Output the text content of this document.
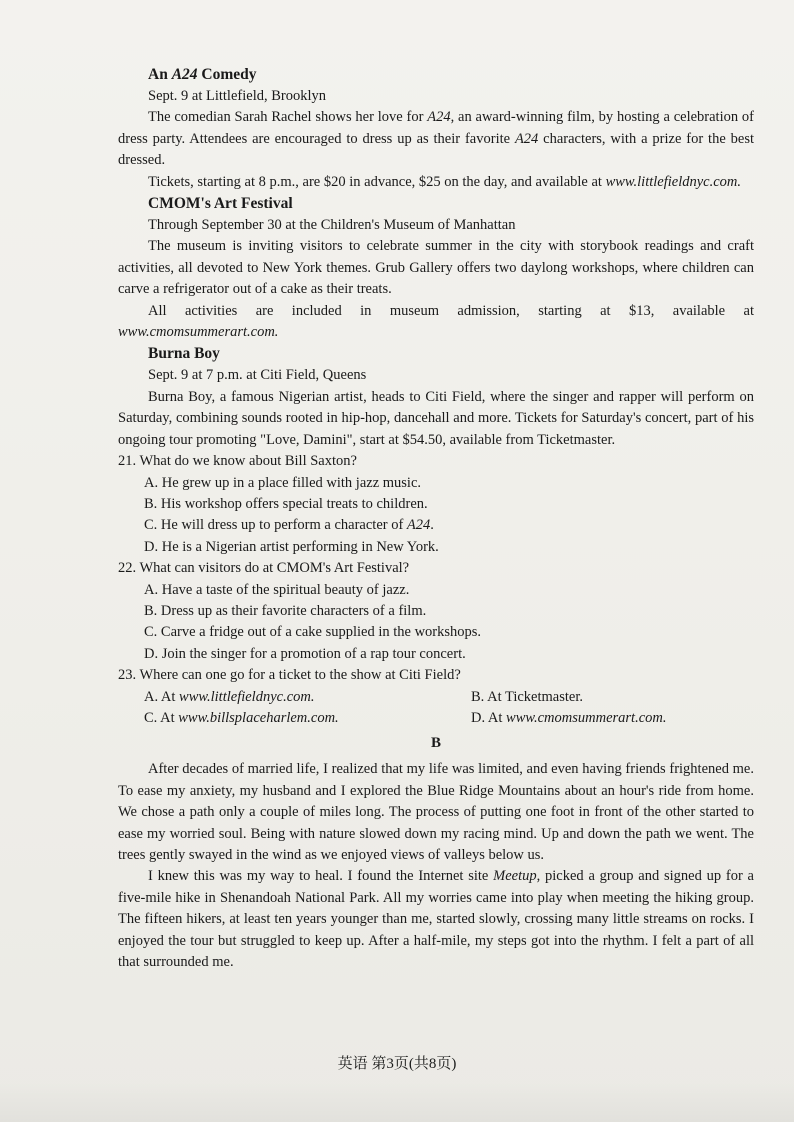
An A24 Comedy

Sept. 9 at Littlefield, Brooklyn

The comedian Sarah Rachel shows her love for A24, an award-winning film, by hosting a celebration of dress party. Attendees are encouraged to dress up as their favorite A24 characters, with a prize for the best dressed.

Tickets, starting at 8 p.m., are $20 in advance, $25 on the day, and available at www.littlefieldnyc.com.

CMOM's Art Festival

Through September 30 at the Children's Museum of Manhattan

The museum is inviting visitors to celebrate summer in the city with storybook readings and craft activities, all devoted to New York themes. Grub Gallery offers two daylong workshops, where children can carve a refrigerator out of a cake as their treats.

All activities are included in museum admission, starting at $13, available at www.cmomsummerart.com.

Burna Boy

Sept. 9 at 7 p.m. at Citi Field, Queens

Burna Boy, a famous Nigerian artist, heads to Citi Field, where the singer and rapper will perform on Saturday, combining sounds rooted in hip-hop, dancehall and more. Tickets for Saturday's concert, part of his ongoing tour promoting "Love, Damini", start at $54.50, available from Ticketmaster.

21. What do we know about Bill Saxton?

A. He grew up in a place filled with jazz music.

B. His workshop offers special treats to children.

C. He will dress up to perform a character of A24.

D. He is a Nigerian artist performing in New York.

22. What can visitors do at CMOM's Art Festival?

A. Have a taste of the spiritual beauty of jazz.

B. Dress up as their favorite characters of a film.

C. Carve a fridge out of a cake supplied in the workshops.

D. Join the singer for a promotion of a rap tour concert.

23. Where can one go for a ticket to the show at Citi Field?

A. At www.littlefieldnyc.com.	B. At Ticketmaster.
C. At www.billsplaceharlem.com.	D. At www.cmomsummerart.com.

B

After decades of married life, I realized that my life was limited, and even having friends frightened me. To ease my anxiety, my husband and I explored the Blue Ridge Mountains about an hour's ride from home. We chose a path only a couple of miles long. The process of putting one foot in front of the other started to ease my worried soul. Being with nature slowed down my racing mind. Up and down the path we went. The trees gently swayed in the wind as we enjoyed views of valleys below us.

I knew this was my way to heal. I found the Internet site Meetup, picked a group and signed up for a five-mile hike in Shenandoah National Park. All my worries came into play when meeting the hiking group. The fifteen hikers, at least ten years younger than me, started slowly, crossing many little streams on rocks. I enjoyed the tour but struggled to keep up. After a half-mile, my steps got into the rhythm. I felt a part of all that surrounded me.

英语 第3页(共8页)
